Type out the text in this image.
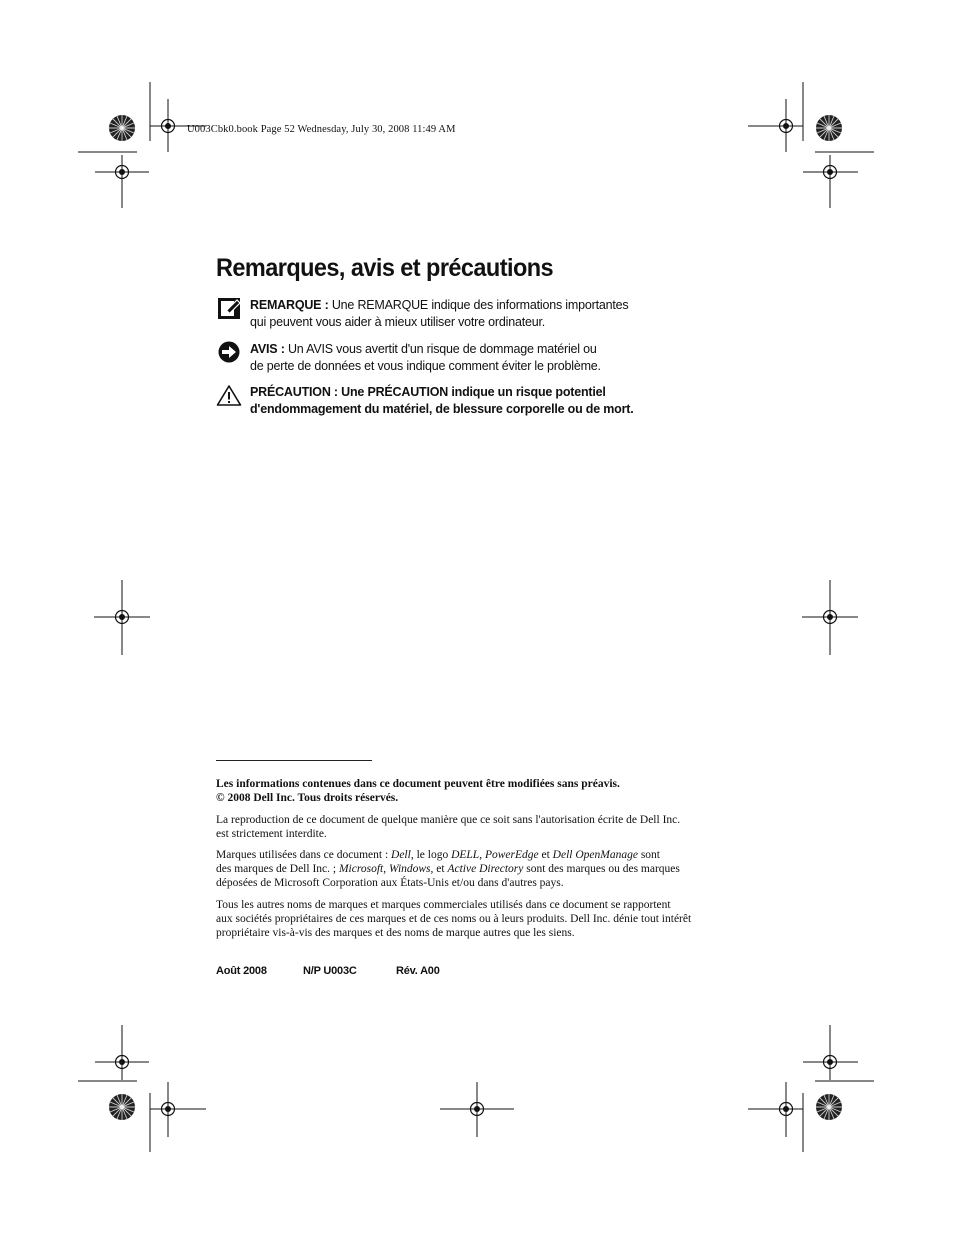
U003Cbk0.book Page 52 Wednesday, July 30, 2008 11:49 AM
Remarques, avis et précautions
REMARQUE : Une REMARQUE indique des informations importantes
qui peuvent vous aider à mieux utiliser votre ordinateur.
AVIS : Un AVIS vous avertit d'un risque de dommage matériel ou
de perte de données et vous indique comment éviter le problème.
PRÉCAUTION : Une PRÉCAUTION indique un risque potentiel
d'endommagement du matériel, de blessure corporelle ou de mort.

Les informations contenues dans ce document peuvent être modifiées sans préavis.

© 2008 Dell Inc. Tous droits réservés.

La reproduction de ce document de quelque manière que ce soit sans l'autorisation écrite de Dell Inc.

est strictement interdite.

Marques utilisées dans ce document : Dell, le logo DELL, PowerEdge et Dell OpenManage sont

des marques de Dell Inc. ; Microsoft, Windows, et Active Directory sont des marques ou des marques

déposées de Microsoft Corporation aux États-Unis et/ou dans d'autres pays.

Tous les autres noms de marques et marques commerciales utilisés dans ce document se rapportent

aux sociétés propriétaires de ces marques et de ces noms ou à leurs produits. Dell Inc. dénie tout intérêt

propriétaire vis-à-vis des marques et des noms de marque autres que les siens.

Août 2008	N/P U003C	Rév. A00
